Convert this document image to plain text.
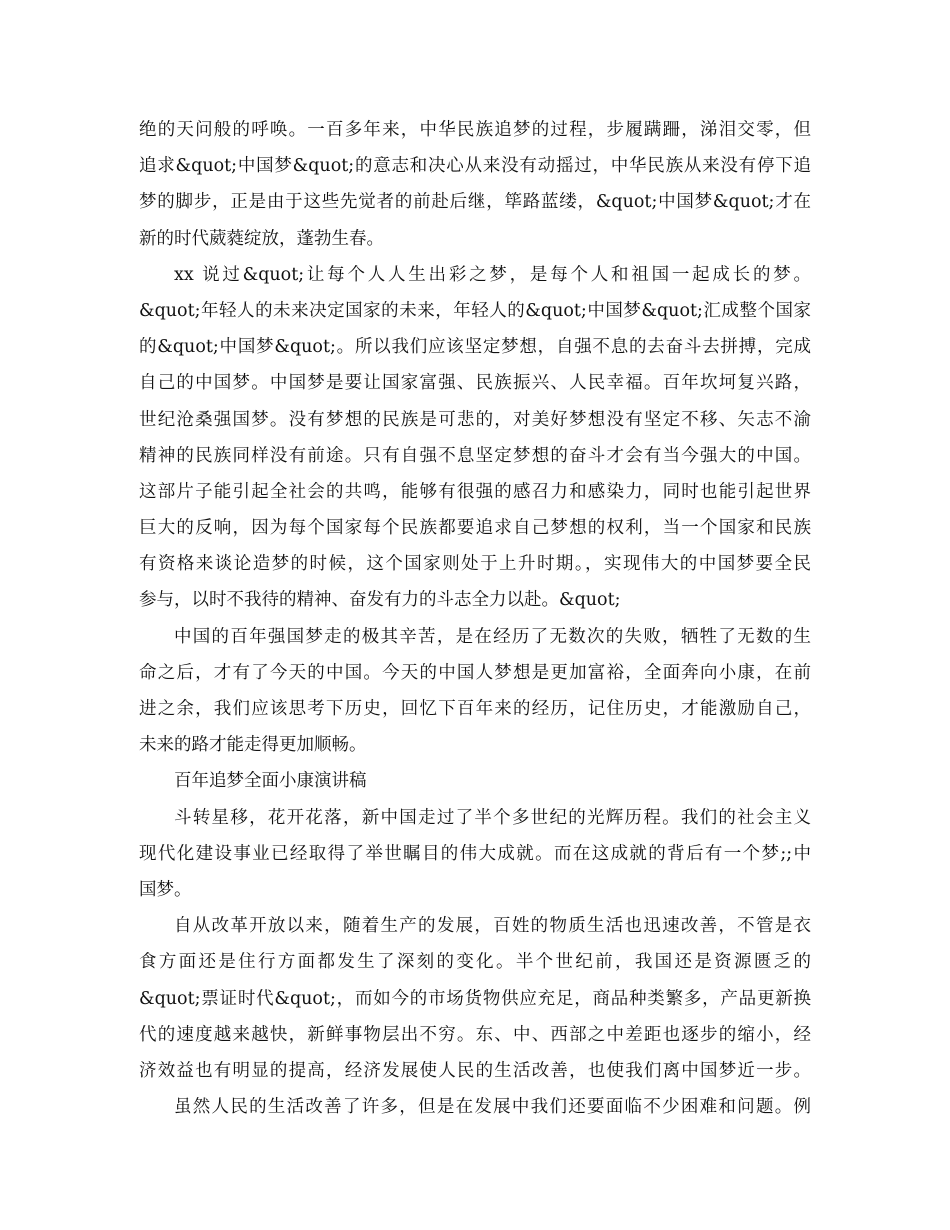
绝的天问般的呼唤。一百多年来，中华民族追梦的过程，步履蹒跚，涕泪交零，但
追求&quot;中国梦&quot;的意志和决心从来没有动摇过，中华民族从来没有停下追
梦的脚步，正是由于这些先觉者的前赴后继，筚路蓝缕，&quot;中国梦&quot;才在
新的时代葳蕤绽放，蓬勃生春。
xx 说过&quot;让每个人人生出彩之梦，是每个人和祖国一起成长的梦。
&quot;年轻人的未来决定国家的未来，年轻人的&quot;中国梦&quot;汇成整个国家
的&quot;中国梦&quot;。所以我们应该坚定梦想，自强不息的去奋斗去拼搏，完成
自己的中国梦。中国梦是要让国家富强、民族振兴、人民幸福。百年坎坷复兴路，
世纪沧桑强国梦。没有梦想的民族是可悲的，对美好梦想没有坚定不移、矢志不渝
精神的民族同样没有前途。只有自强不息坚定梦想的奋斗才会有当今强大的中国。
这部片子能引起全社会的共鸣，能够有很强的感召力和感染力，同时也能引起世界
巨大的反响，因为每个国家每个民族都要追求自己梦想的权利，当一个国家和民族
有资格来谈论造梦的时候，这个国家则处于上升时期。，实现伟大的中国梦要全民
参与，以时不我待的精神、奋发有力的斗志全力以赴。&quot;
中国的百年强国梦走的极其辛苦，是在经历了无数次的失败，牺牲了无数的生
命之后，才有了今天的中国。今天的中国人梦想是更加富裕，全面奔向小康，在前
进之余，我们应该思考下历史，回忆下百年来的经历，记住历史，才能激励自己，
未来的路才能走得更加顺畅。
百年追梦全面小康演讲稿
斗转星移，花开花落，新中国走过了半个多世纪的光辉历程。我们的社会主义
现代化建设事业已经取得了举世瞩目的伟大成就。而在这成就的背后有一个梦;;中
国梦。
自从改革开放以来，随着生产的发展，百姓的物质生活也迅速改善，不管是衣
食方面还是住行方面都发生了深刻的变化。半个世纪前，我国还是资源匮乏的
&quot;票证时代&quot;，而如今的市场货物供应充足，商品种类繁多，产品更新换
代的速度越来越快，新鲜事物层出不穷。东、中、西部之中差距也逐步的缩小，经
济效益也有明显的提高，经济发展使人民的生活改善，也使我们离中国梦近一步。
虽然人民的生活改善了许多，但是在发展中我们还要面临不少困难和问题。例
